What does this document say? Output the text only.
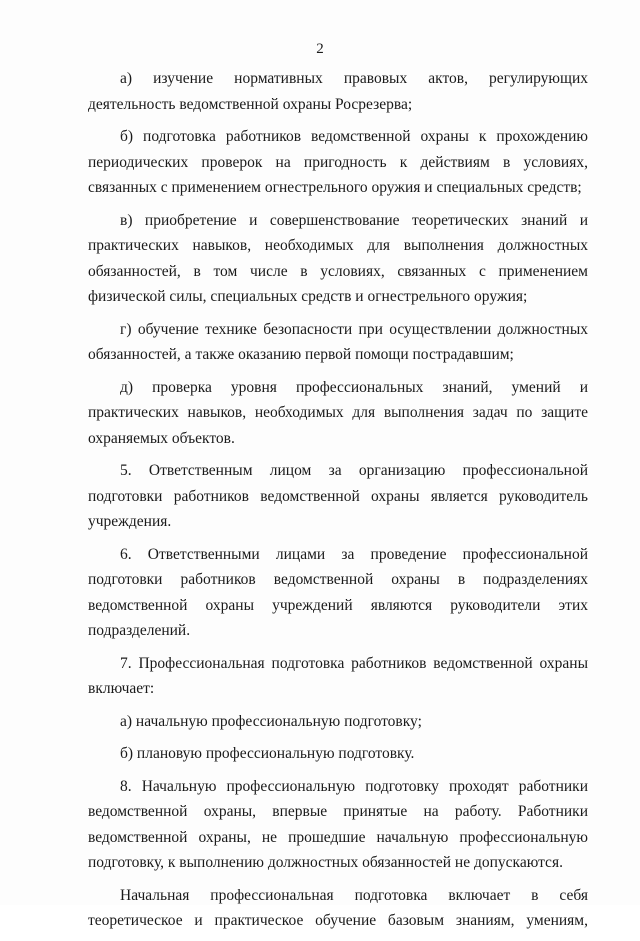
2

а) изучение нормативных правовых актов, регулирующих деятельность ведомственной охраны Росрезерва;

б) подготовка работников ведомственной охраны к прохождению периодических проверок на пригодность к действиям в условиях, связанных с применением огнестрельного оружия и специальных средств;

в) приобретение и совершенствование теоретических знаний и практических навыков, необходимых для выполнения должностных обязанностей, в том числе в условиях, связанных с применением физической силы, специальных средств и огнестрельного оружия;

г) обучение технике безопасности при осуществлении должностных обязанностей, а также оказанию первой помощи пострадавшим;

д) проверка уровня профессиональных знаний, умений и практических навыков, необходимых для выполнения задач по защите охраняемых объектов.

5. Ответственным лицом за организацию профессиональной подготовки работников ведомственной охраны является руководитель учреждения.

6. Ответственными лицами за проведение профессиональной подготовки работников ведомственной охраны в подразделениях ведомственной охраны учреждений являются руководители этих подразделений.

7. Профессиональная подготовка работников ведомственной охраны включает:

а) начальную профессиональную подготовку;

б) плановую профессиональную подготовку.

8. Начальную профессиональную подготовку проходят работники ведомственной охраны, впервые принятые на работу. Работники ведомственной охраны, не прошедшие начальную профессиональную подготовку, к выполнению должностных обязанностей не допускаются.

Начальная профессиональная подготовка включает в себя теоретическое и практическое обучение базовым знаниям, умениям,
